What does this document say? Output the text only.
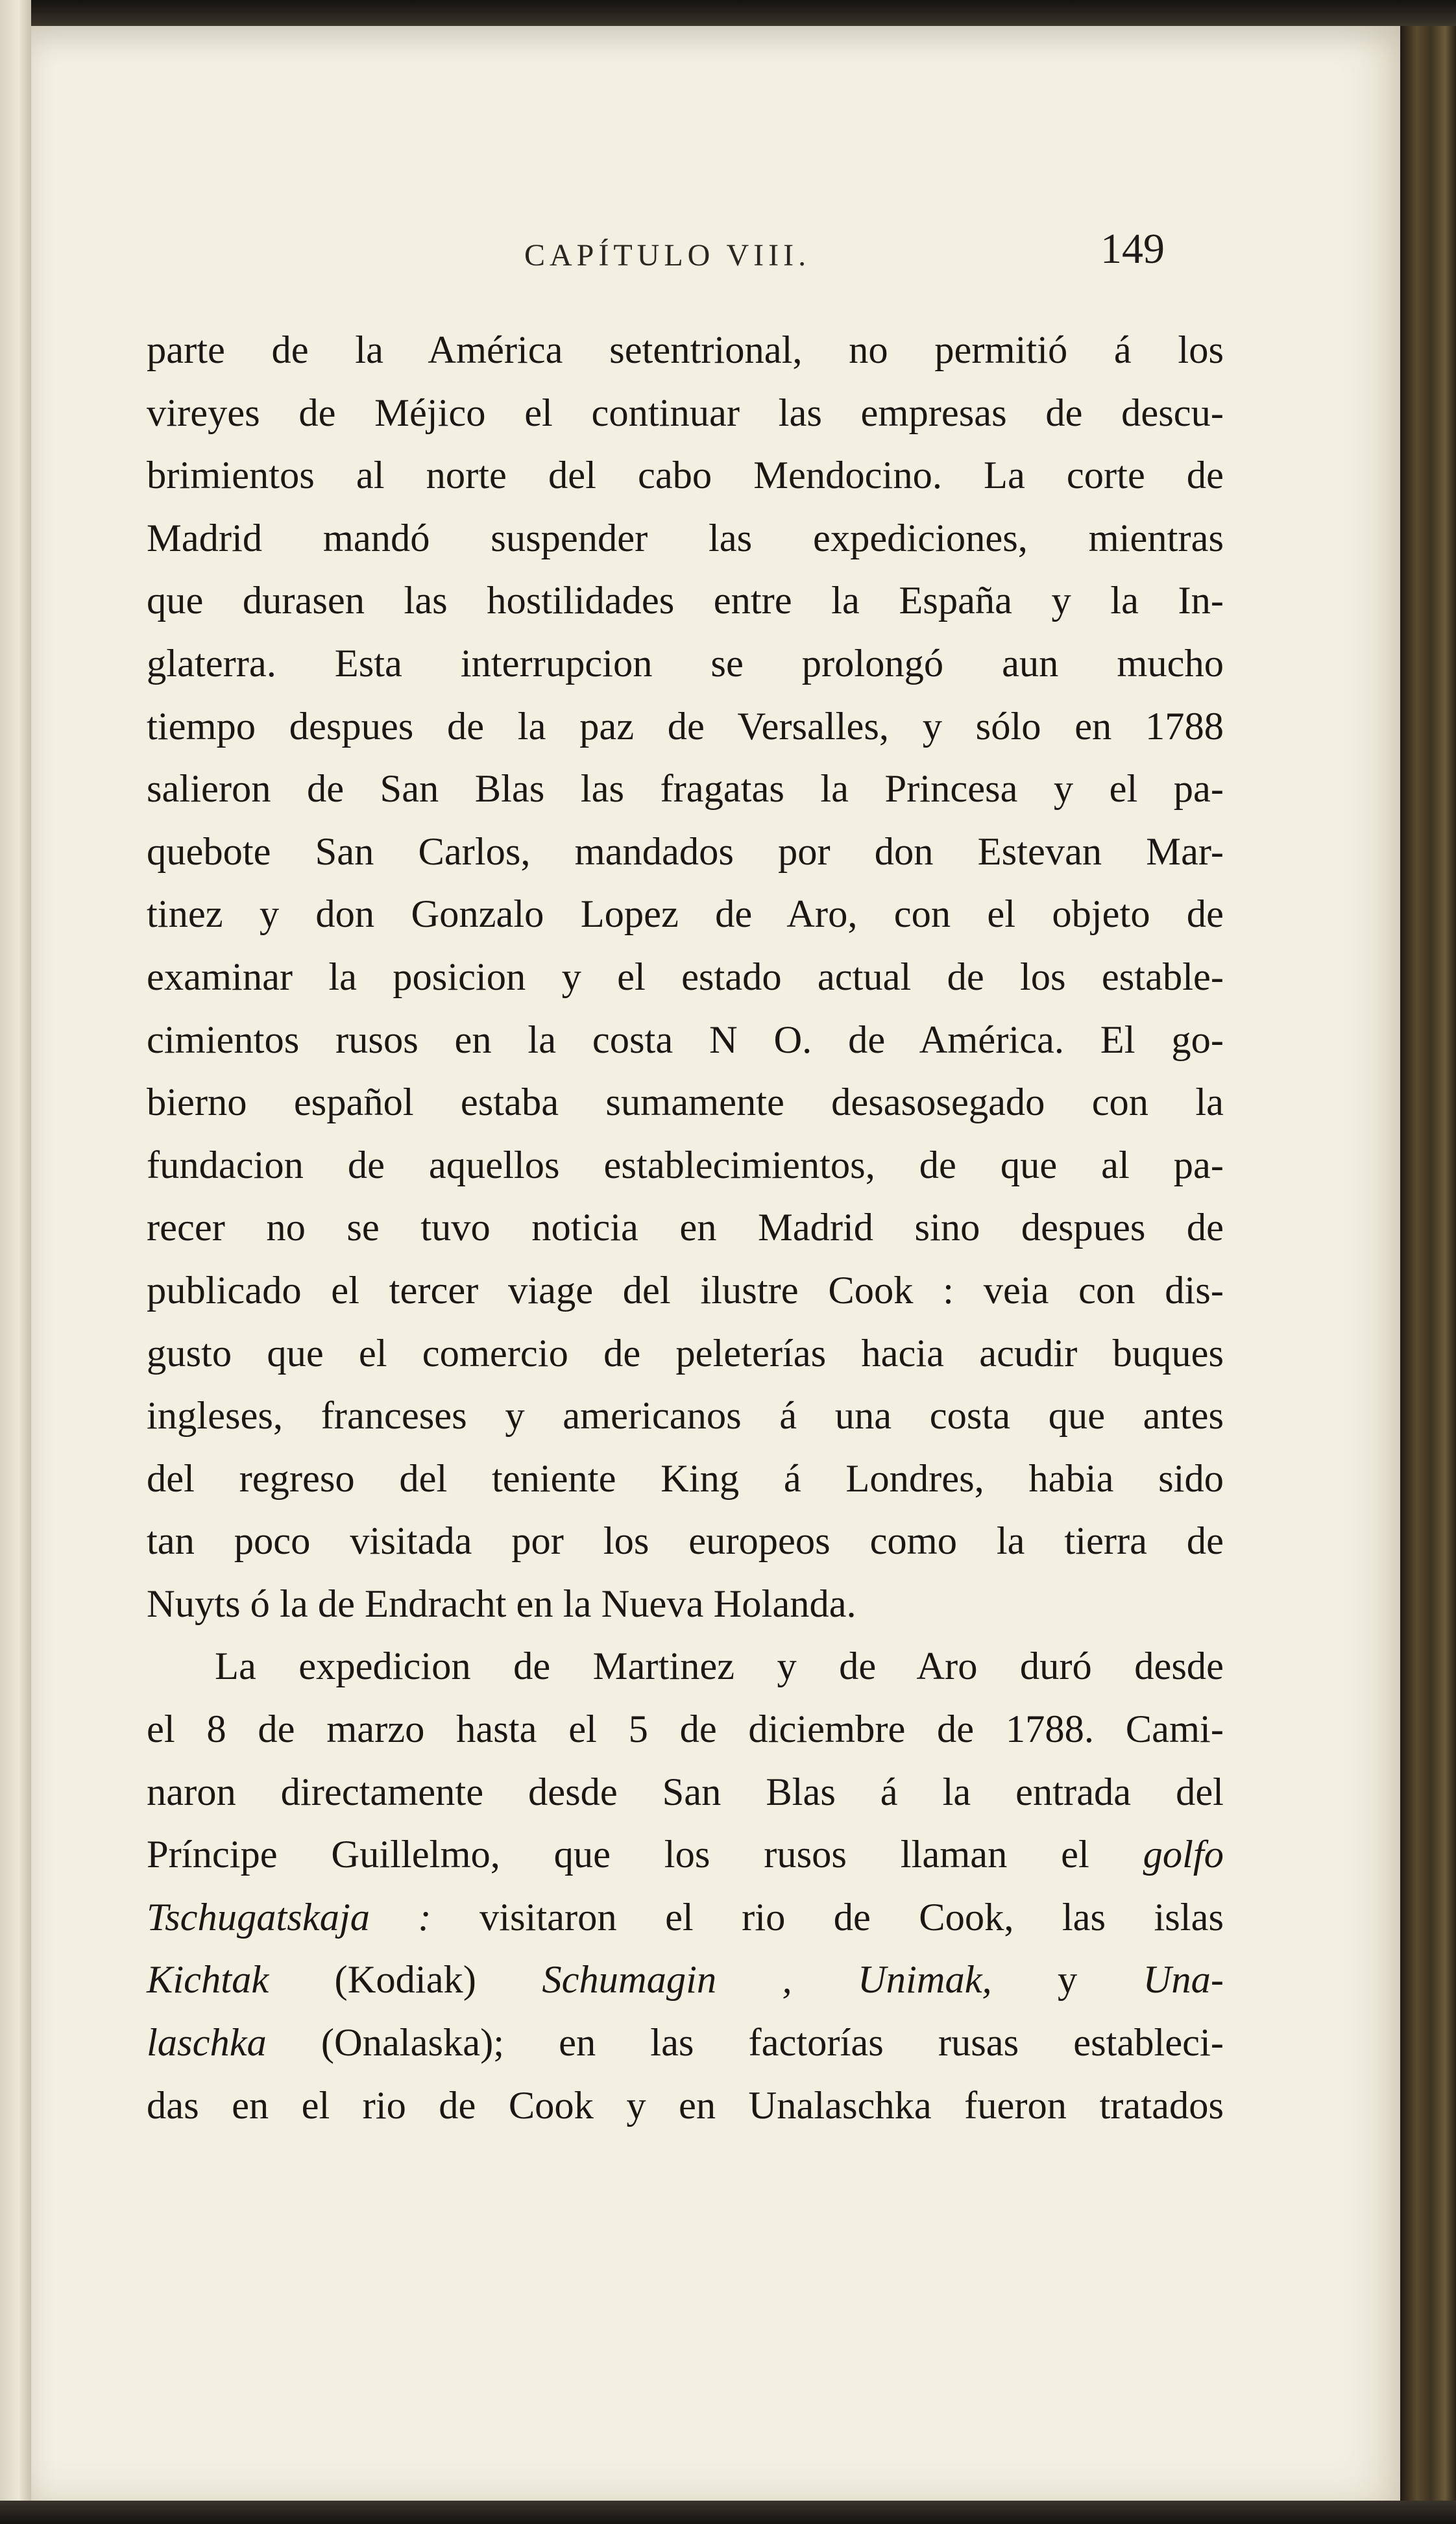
CAPÍTULO VIII.	149
parte de la América setentrional, no permitió á los
vireyes de Méjico el continuar las empresas de descu-
brimientos al norte del cabo Mendocino. La corte de
Madrid mandó suspender las expediciones, mientras
que durasen las hostilidades entre la España y la In-
glaterra. Esta interrupcion se prolongó aun mucho
tiempo despues de la paz de Versalles, y sólo en 1788
salieron de San Blas las fragatas la Princesa y el pa-
quebote San Carlos, mandados por don Estevan Mar-
tinez y don Gonzalo Lopez de Aro, con el objeto de
examinar la posicion y el estado actual de los estable-
cimientos rusos en la costa N O. de América. El go-
bierno español estaba sumamente desasosegado con la
fundacion de aquellos establecimientos, de que al pa-
recer no se tuvo noticia en Madrid sino despues de
publicado el tercer viage del ilustre Cook : veia con dis-
gusto que el comercio de peleterías hacia acudir buques
ingleses, franceses y americanos á una costa que antes
del regreso del teniente King á Londres, habia sido
tan poco visitada por los europeos como la tierra de
Nuyts ó la de Endracht en la Nueva Holanda.
La expedicion de Martinez y de Aro duró desde
el 8 de marzo hasta el 5 de diciembre de 1788. Cami-
naron directamente desde San Blas á la entrada del
Príncipe Guillelmo, que los rusos llaman el golfo
Tschugatskaja : visitaron el rio de Cook, las islas
Kichtak (Kodiak) Schumagin , Unimak, y Una-
laschka (Onalaska); en las factorías rusas estableci-
das en el rio de Cook y en Unalaschka fueron tratados
